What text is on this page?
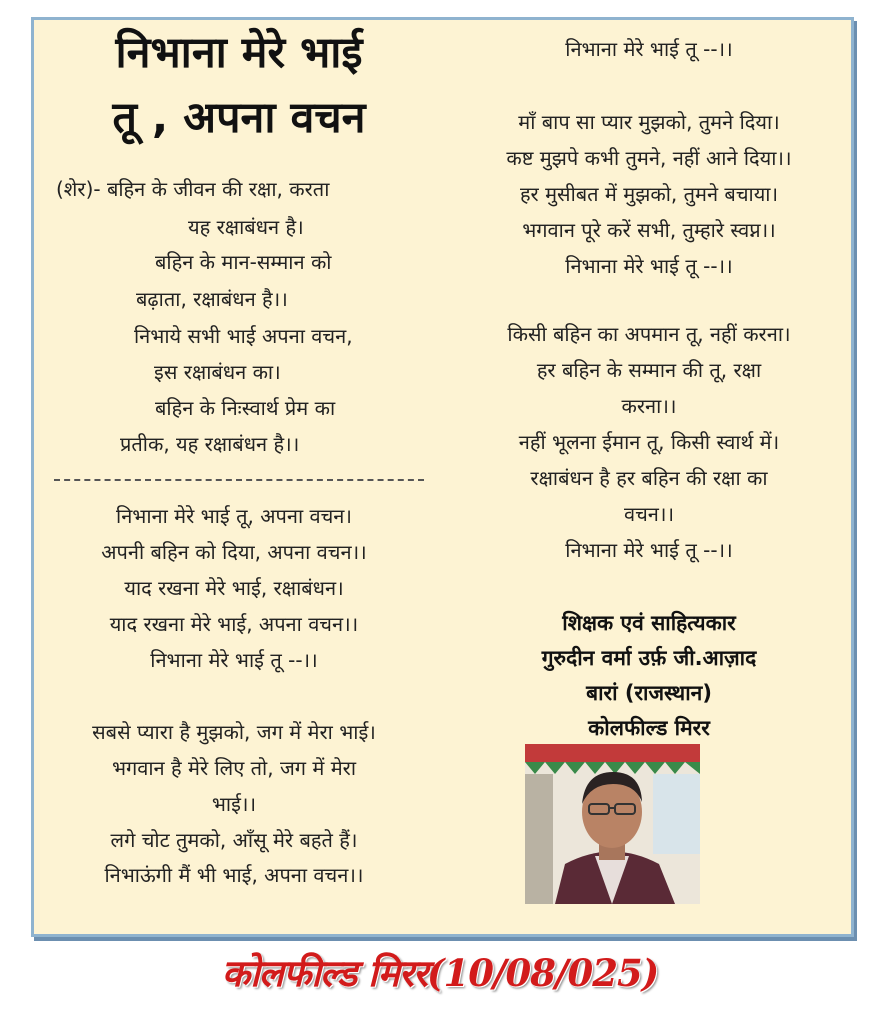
निभाना मेरे भाई
तू , अपना वचन
(शेर)- बहिन के जीवन की रक्षा, करता
यह रक्षाबंधन है।
बहिन के मान-सम्मान को
बढ़ाता, रक्षाबंधन है।।
निभाये सभी भाई अपना वचन,
इस रक्षाबंधन का।
बहिन के निःस्वार्थ प्रेम का
प्रतीक, यह रक्षाबंधन है।।
निभाना मेरे भाई तू, अपना वचन।
अपनी बहिन को दिया, अपना वचन।।
याद रखना मेरे भाई, रक्षाबंधन।
याद रखना मेरे भाई, अपना वचन।।
निभाना मेरे भाई तू --।।
सबसे प्यारा है मुझको, जग में मेरा भाई।
भगवान है मेरे लिए तो, जग में मेरा
भाई।।
लगे चोट तुमको, आँसू मेरे बहते हैं।
निभाऊंगी मैं भी भाई, अपना वचन।।
निभाना मेरे भाई तू --।।
माँ बाप सा प्यार मुझको, तुमने दिया।
कष्ट मुझपे कभी तुमने, नहीं आने दिया।।
हर मुसीबत में मुझको, तुमने बचाया।
भगवान पूरे करें सभी, तुम्हारे स्वप्न।।
निभाना मेरे भाई तू --।।
किसी बहिन का अपमान तू, नहीं करना।
हर बहिन के सम्मान की तू, रक्षा
करना।।
नहीं भूलना ईमान तू, किसी स्वार्थ में।
रक्षाबंधन है हर बहिन की रक्षा का
वचन।।
निभाना मेरे भाई तू --।।
शिक्षक एवं साहित्यकार
गुरुदीन वर्मा उर्फ़ जी.आज़ाद
बारां (राजस्थान)
कोलफील्ड मिरर
कोलफील्ड मिरर(10/08/025)
